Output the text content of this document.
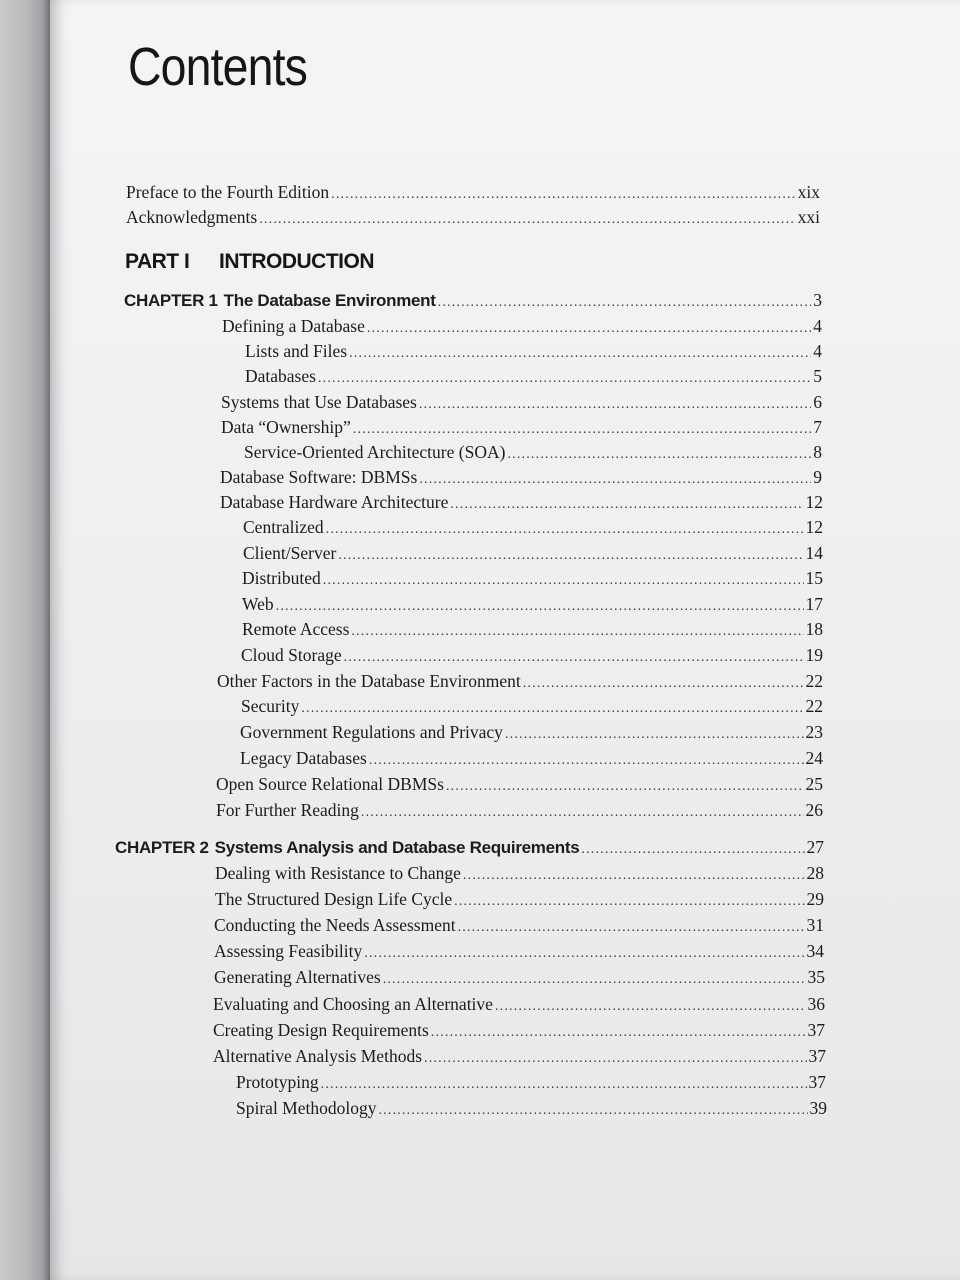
Contents
Preface to the Fourth Edition .....	xix
Acknowledgments .....	xxi
PART I INTRODUCTION
CHAPTER 1 The Database Environment .....	3
Defining a Database .....	4
Lists and Files .....	4
Databases .....	5
Systems that Use Databases .....	6
Data “Ownership” .....	7
Service-Oriented Architecture (SOA) .....	8
Database Software: DBMSs .....	9
Database Hardware Architecture .....	12
Centralized .....	12
Client/Server .....	14
Distributed .....	15
Web .....	17
Remote Access .....	18
Cloud Storage .....	19
Other Factors in the Database Environment .....	22
Security .....	22
Government Regulations and Privacy .....	23
Legacy Databases .....	24
Open Source Relational DBMSs .....	25
For Further Reading .....	26
CHAPTER 2 Systems Analysis and Database Requirements .....	27
Dealing with Resistance to Change .....	28
The Structured Design Life Cycle .....	29
Conducting the Needs Assessment .....	31
Assessing Feasibility .....	34
Generating Alternatives .....	35
Evaluating and Choosing an Alternative .....	36
Creating Design Requirements .....	37
Alternative Analysis Methods .....	37
Prototyping .....	37
Spiral Methodology .....	39
